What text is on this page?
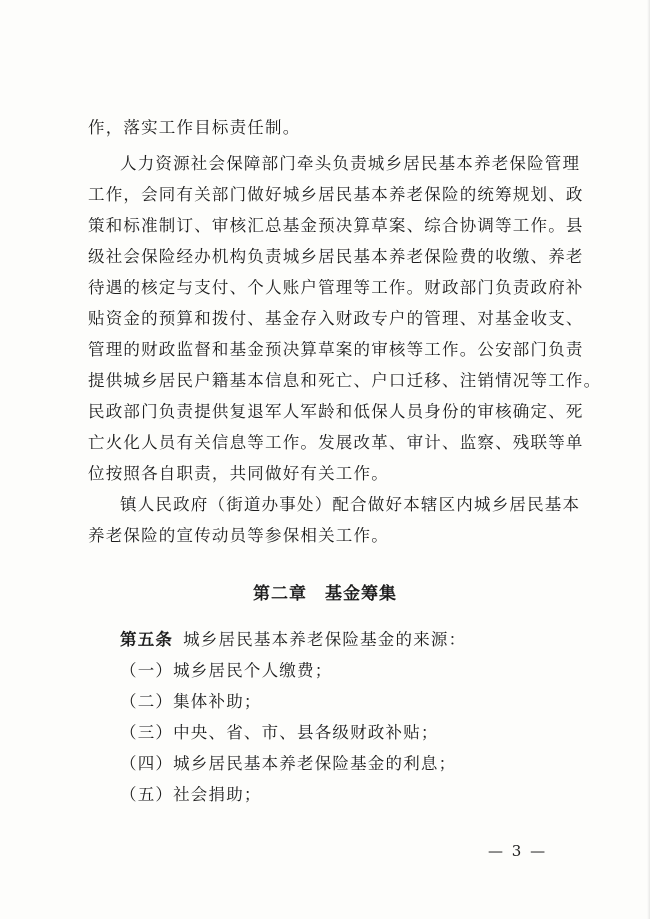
作，落实工作目标责任制。
人力资源社会保障部门牵头负责城乡居民基本养老保险管理
工作，会同有关部门做好城乡居民基本养老保险的统筹规划、政
策和标准制订、审核汇总基金预决算草案、综合协调等工作。县
级社会保险经办机构负责城乡居民基本养老保险费的收缴、养老
待遇的核定与支付、个人账户管理等工作。财政部门负责政府补
贴资金的预算和拨付、基金存入财政专户的管理、对基金收支、
管理的财政监督和基金预决算草案的审核等工作。公安部门负责
提供城乡居民户籍基本信息和死亡、户口迁移、注销情况等工作。
民政部门负责提供复退军人军龄和低保人员身份的审核确定、死
亡火化人员有关信息等工作。发展改革、审计、监察、残联等单
位按照各自职责，共同做好有关工作。
镇人民政府（街道办事处）配合做好本辖区内城乡居民基本
养老保险的宣传动员等参保相关工作。
第二章　基金筹集
第五条 城乡居民基本养老保险基金的来源：
（一）城乡居民个人缴费；
（二）集体补助；
（三）中央、省、市、县各级财政补贴；
（四）城乡居民基本养老保险基金的利息；
（五）社会捐助；
— 3 —
